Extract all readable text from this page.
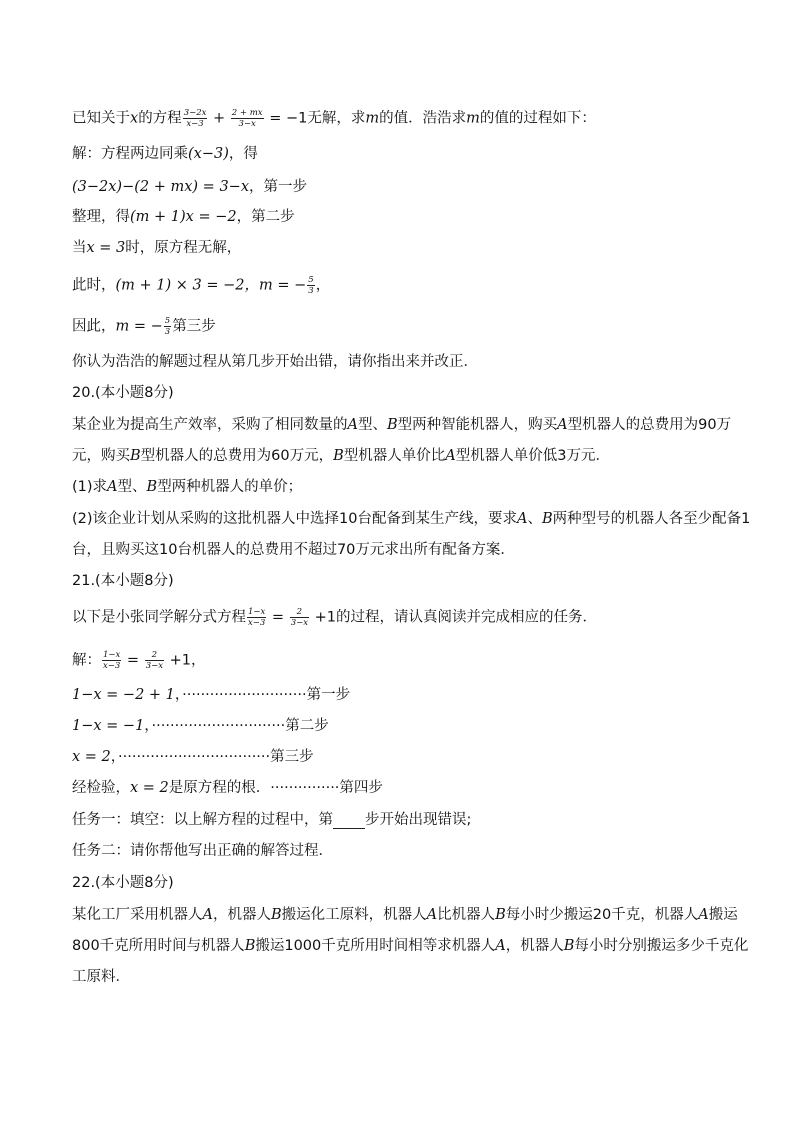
已知关于x的方程 $\frac{3-2x}{x-3} + \frac{2 + mx}{3-x} = -1$无解，求m的值．浩浩求m的值的过程如下：
解：方程两边同乘(x−3)，得
(3−2x)−(2 + mx) = 3−x，第一步
整理，得(m + 1)x = −2，第二步
当x = 3时，原方程无解，
此时，(m + 1) × 3 = −2，m = − $\frac{5}{3}$ ，
因此，m = − $\frac{5}{3}$ 第三步
你认为浩浩的解题过程从第几步开始出错，请你指出来并改正．
20.(本小题8分)
某企业为提高生产效率，采购了相同数量的A型、B型两种智能机器人，购买A型机器人的总费用为90万
元，购买B型机器人的总费用为60万元，B型机器人单价比A型机器人单价低3万元．
(1)求A型、B型两种机器人的单价；
(2)该企业计划从采购的这批机器人中选择10台配备到某生产线，要求A、B两种型号的机器人各至少配备1
台，且购买这10台机器人的总费用不超过70万元求出所有配备方案．
21.(本小题8分)
以下是小张同学解分式方程 $\frac{1-x}{x-3} = \frac{2}{3-x} +1$的过程，请认真阅读并完成相应的任务．
解： $\frac{1-x}{x-3} = \frac{2}{3-x} +1$，
1−x = −2 + 1，···························第一步
1−x = −1，·····························第二步
x = 2，·································第三步
经检验，x = 2是原方程的根．···············第四步
任务一：填空：以上解方程的过程中，第 步开始出现错误;
任务二：请你帮他写出正确的解答过程．
22.(本小题8分)
某化工厂采用机器人A，机器人B搬运化工原料，机器人A比机器人B每小时少搬运20千克，机器人A搬运
800千克所用时间与机器人B搬运1000千克所用时间相等求机器人A，机器人B每小时分别搬运多少千克化
工原料．
